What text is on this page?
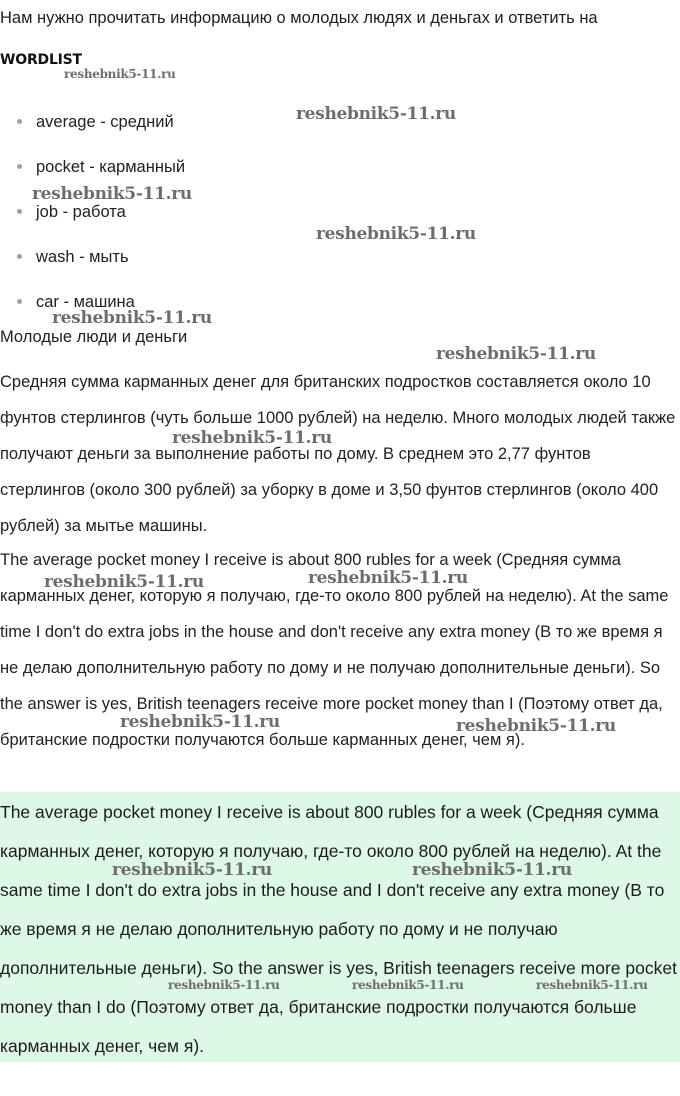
Нам нужно прочитать информацию о молодых людях и деньгах и ответить на
WORDLIST
average - средний
pocket - карманный
job - работа
wash - мыть
car - машина
Молодые люди и деньги

Средняя сумма карманных денег для британских подростков составляется около 10 фунтов стерлингов (чуть больше 1000 рублей) на неделю. Много молодых людей также получают деньги за выполнение работы по дому. В среднем это 2,77 фунтов стерлингов (около 300 рублей) за уборку в доме и 3,50 фунтов стерлингов (около 400 рублей) за мытье машины.

The average pocket money I receive is about 800 rubles for a week (Средняя сумма карманных денег, которую я получаю, где-то около 800 рублей на неделю). At the same time I don't do extra jobs in the house and don't receive any extra money (В то же время я не делаю дополнительную работу по дому и не получаю дополнительные деньги). So the answer is yes, British teenagers receive more pocket money than I (Поэтому ответ да, британские подростки получаются больше карманных денег, чем я).

The average pocket money I receive is about 800 rubles for a week (Средняя сумма карманных денег, которую я получаю, где-то около 800 рублей на неделю). At the same time I don't do extra jobs in the house and I don't receive any extra money (В то же время я не делаю дополнительную работу по дому и не получаю дополнительные деньги). So the answer is yes, British teenagers receive more pocket money than I do (Поэтому ответ да, британские подростки получаются больше карманных денег, чем я).

reshebnik5-11.ru
reshebnik5-11.ru
reshebnik5-11.ru
reshebnik5-11.ru
reshebnik5-11.ru
reshebnik5-11.ru
reshebnik5-11.ru
reshebnik5-11.ru	reshebnik5-11.ru
reshebnik5-11.ru	reshebnik5-11.ru
reshebnik5-11.ru	reshebnik5-11.ru
reshebnik5-11.ru	reshebnik5-11.ru	reshebnik5-11.ru
